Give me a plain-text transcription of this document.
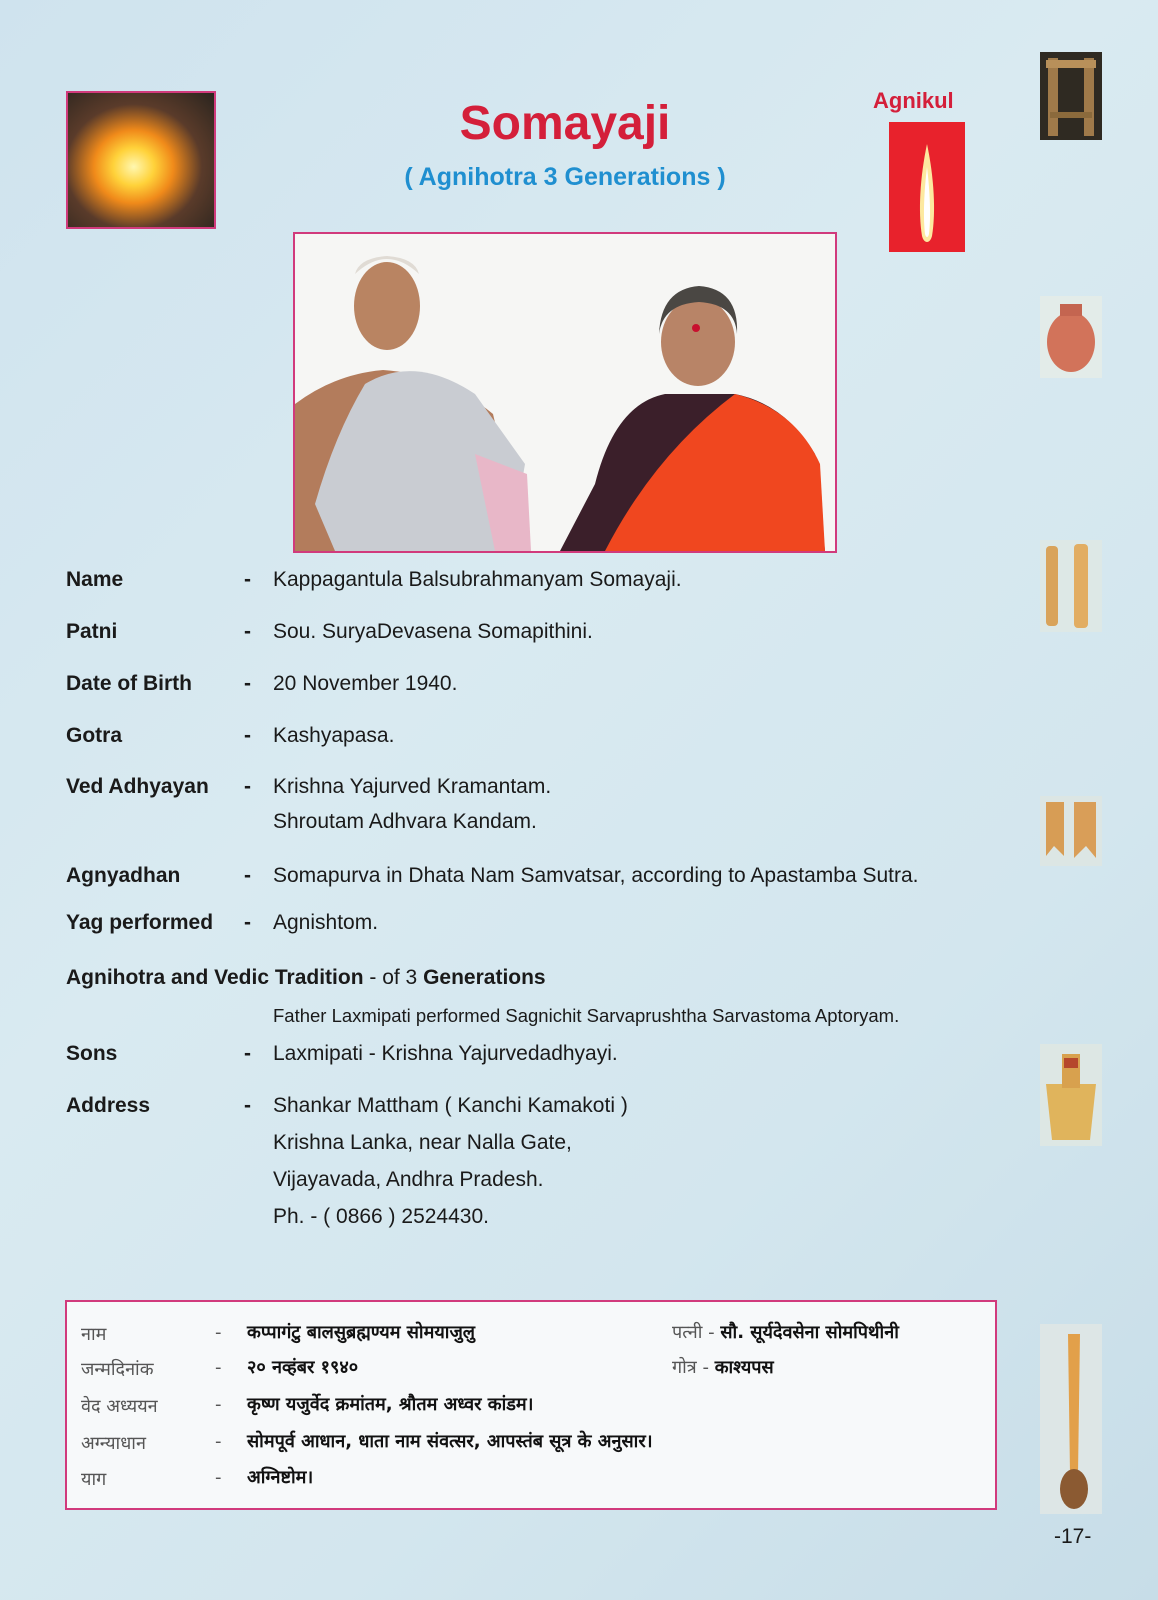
Somayaji
( Agnihotra 3 Generations )
Agnikul
Name	- Kappagantula Balsubrahmanyam Somayaji.
Patni	- Sou. SuryaDevasena Somapithini.
Date of Birth - 20 November 1940.
Gotra	- Kashyapasa.
Ved Adhyayan - Krishna Yajurved Kramantam.
Shroutam Adhvara Kandam.
Agnyadhan	- Somapurva in Dhata Nam Samvatsar, according to Apastamba Sutra.
Yag performed - Agnishtom.
Agnihotra and Vedic Tradition - of 3 Generations
Father Laxmipati performed Sagnichit Sarvaprushtha Sarvastoma Aptoryam.
Sons	- Laxmipati - Krishna Yajurvedadhyayi.
Address	- Shankar Mattham ( Kanchi Kamakoti )
Krishna Lanka, near Nalla Gate,
Vijayavada, Andhra Pradesh.
Ph. - ( 0866 ) 2524430.
नाम	- कप्पागंटु बालसुब्रह्मण्यम सोमयाजुलु
जन्मदिनांक	- २० नव्हंबर १९४०
वेद अध्ययन	- कृष्ण यजुर्वेद क्रमांतम, श्रौतम अध्वर कांडम।
अग्न्याधान	- सोमपूर्व आधान, धाता नाम संवत्सर, आपस्तंब सूत्र के अनुसार।
याग	- अग्निष्टोम।
पत्नी - सौ. सूर्यदेवसेना सोमपिथीनी
गोत्र - काश्यपस
-17-
